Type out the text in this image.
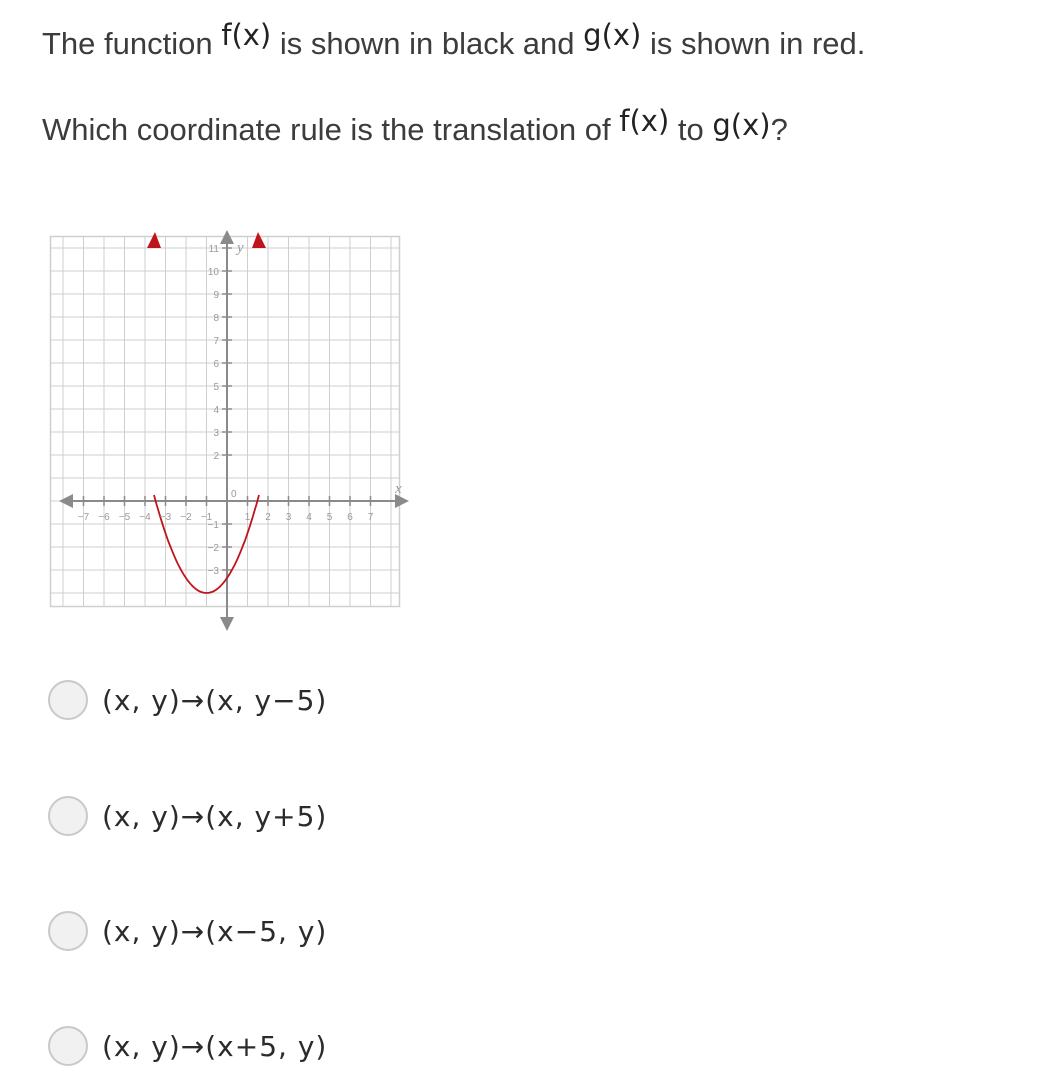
The function f(x) is shown in black and g(x) is shown in red.
Which coordinate rule is the translation of f(x) to g(x)?
−7 −6 −5 −4 −3 −2 −1	1 2 3 4 5 6 7
11
10
9
8
7
6
5
4
3
2
−1
−2
−3
0	x
y
(x, y)→(x, y−5)
(x, y)→(x, y+5)
(x, y)→(x−5, y)
(x, y)→(x+5, y)
